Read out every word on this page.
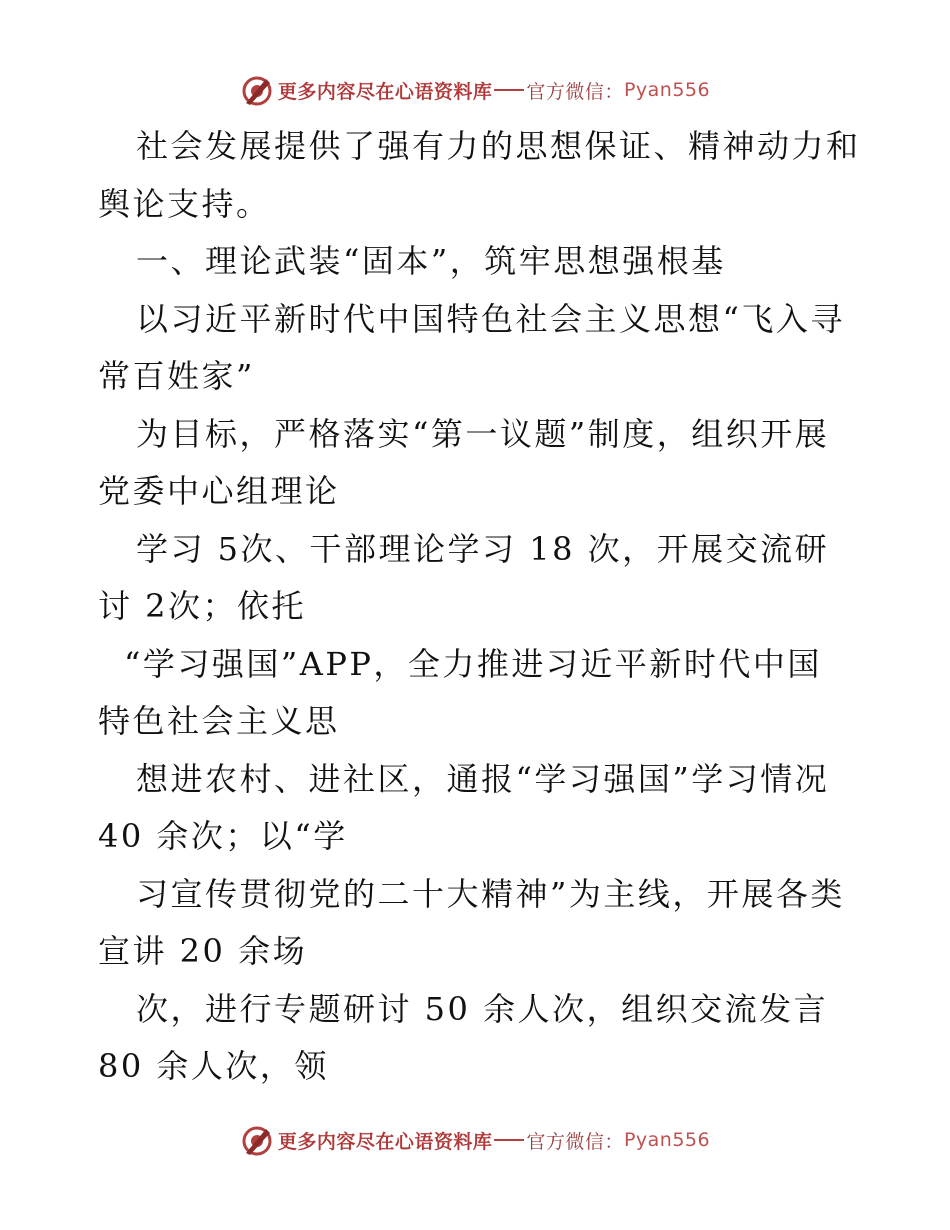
更多内容尽在心语资料库 官方微信： Pyan556
社会发展提供了强有力的思想保证、精神动力和
舆论支持。
一、理论武装“固本”，筑牢思想强根基
以习近平新时代中国特色社会主义思想“飞入寻
常百姓家”
为目标，严格落实“第一议题”制度，组织开展
党委中心组理论
学习 5次、干部理论学习 18 次，开展交流研
讨 2次；依托
“学习强国”APP，全力推进习近平新时代中国
特色社会主义思
想进农村、进社区，通报“学习强国”学习情况
40 余次；以“学
习宣传贯彻党的二十大精神”为主线，开展各类
宣讲 20 余场
次，进行专题研讨 50 余人次，组织交流发言
80 余人次，领
更多内容尽在心语资料库 官方微信： Pyan556
